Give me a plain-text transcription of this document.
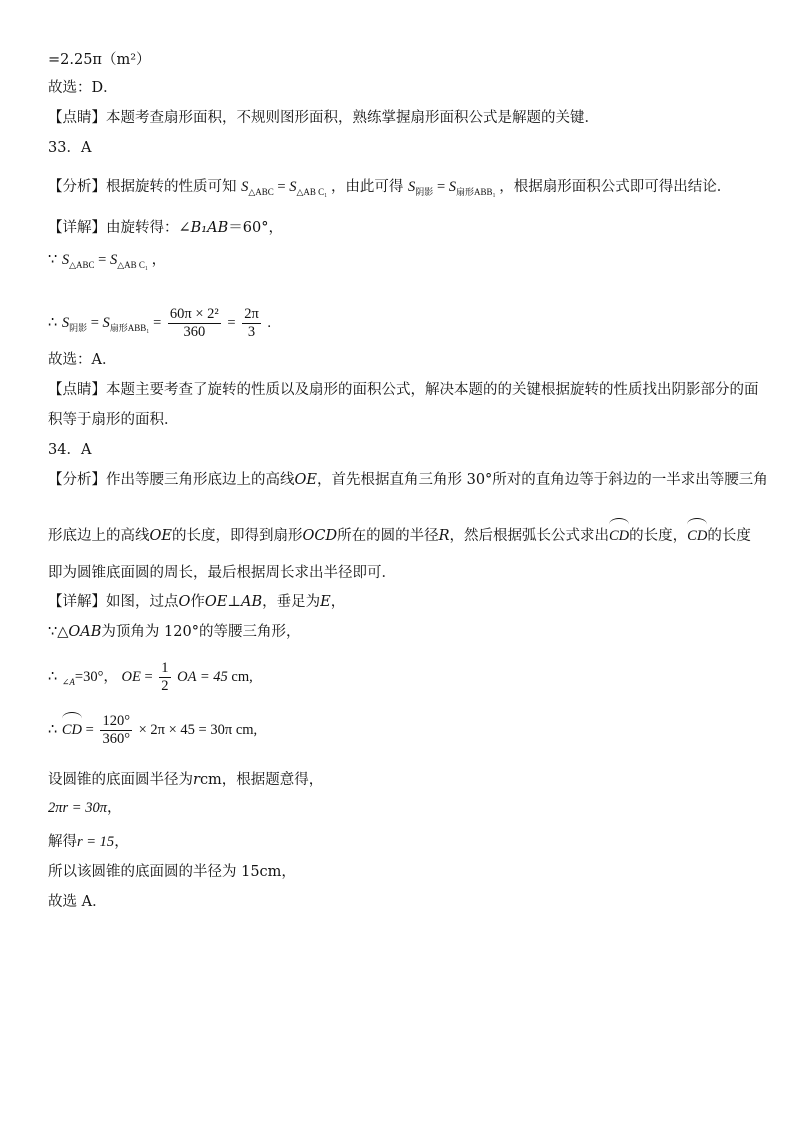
=2.25π（m²）
故选：D．
【点睛】本题考查扇形面积，不规则图形面积，熟练掌握扇形面积公式是解题的关键．
33．A
【分析】根据旋转的性质可知 $S_{\triangle ABC} = S_{\triangle AB C_1}$ ，由此可得 $S_{阴影} = S_{扇形ABB_1}$ ，根据扇形面积公式即可得出结论．
【详解】由旋转得：∠B₁AB＝60°，
∵ $S_{\triangle ABC} = S_{\triangle AB C_1}$ ，
∴ $S_{阴影} = S_{扇形ABB_1} = \frac{\text{60π × 2²}}{360} = \frac{2\pi}{3}$ .
故选：A．
【点睛】本题主要考查了旋转的性质以及扇形的面积公式，解决本题的的关键根据旋转的性质找出阴影部分的面
积等于扇形的面积．
34．A
【分析】作出等腰三角形底边上的高线OE，首先根据直角三角形 30°所对的直角边等于斜边的一半求出等腰三角
形底边上的高线OE的长度，即得到扇形OCD所在的圆的半径R，然后根据弧长公式求出CD的长度，CD的长度
即为圆锥底面圆的周长，最后根据周长求出半径即可．
【详解】如图，过点O作OE⊥AB，垂足为E，
∵△OAB为顶角为 120°的等腰三角形，
∴ $_{\angle A}$=30°， OE = $\frac{1}{2}$ OA = 45 cm,
∴ CD = $\frac{120^\circ}{360^\circ} \times 2\pi \times 45 = 30\pi$ cm,
设圆锥的底面圆半径为rcm，根据题意得，
2πr = 30π，
解得r = 15，
所以该圆锥的底面圆的半径为 15cm，
故选 A．
